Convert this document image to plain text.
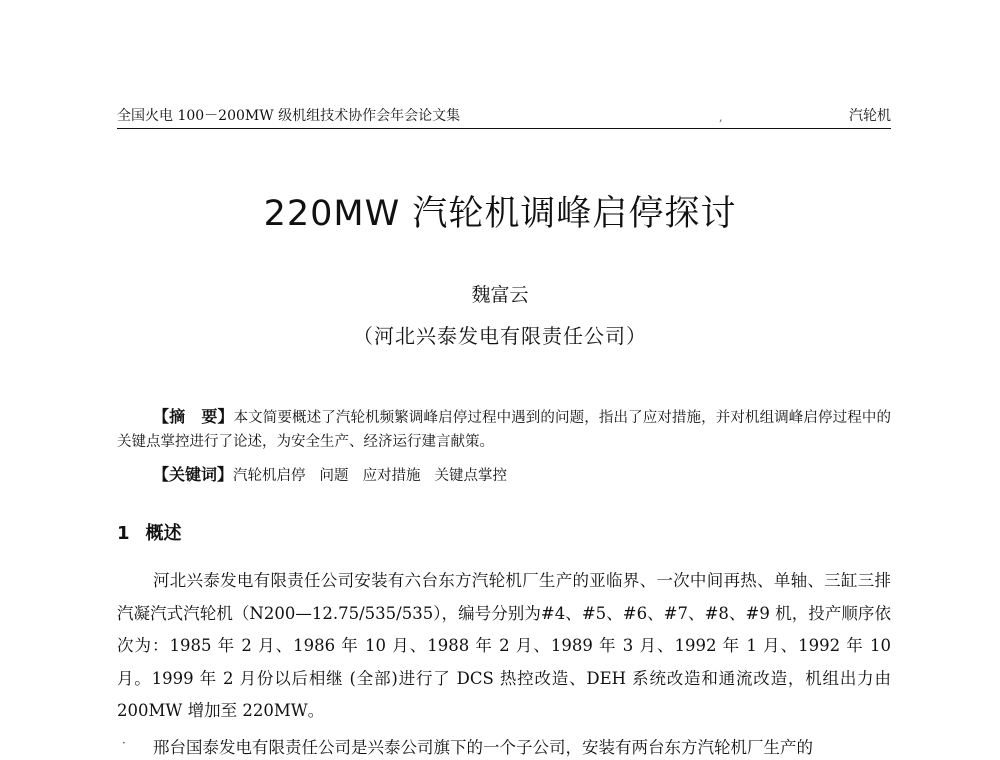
全国火电 100－200MW 级机组技术协作会年会论文集	‚	汽轮机
220MW 汽轮机调峰启停探讨
魏富云
（河北兴泰发电有限责任公司）
【摘　要】本文简要概述了汽轮机频繁调峰启停过程中遇到的问题，指出了应对措施，并对机组调峰启停过程中的关键点掌控进行了论述，为安全生产、经济运行建言献策。
【关键词】汽轮机启停 问题 应对措施 关键点掌控
1 概述
河北兴泰发电有限责任公司安装有六台东方汽轮机厂生产的亚临界、一次中间再热、单轴、三缸三排汽凝汽式汽轮机（N200—12.75/535/535），编号分别为#4、#5、#6、#7、#8、#9 机，投产顺序依次为：1985 年 2 月、1986 年 10 月、1988 年 2 月、1989 年 3 月、1992 年 1 月、1992 年 10 月。1999 年 2 月份以后相继 (全部)进行了 DCS 热控改造、DEH 系统改造和通流改造，机组出力由 200MW 增加至 220MW。
·	邢台国泰发电有限责任公司是兴泰公司旗下的一个子公司，安装有两台东方汽轮机厂生产的
